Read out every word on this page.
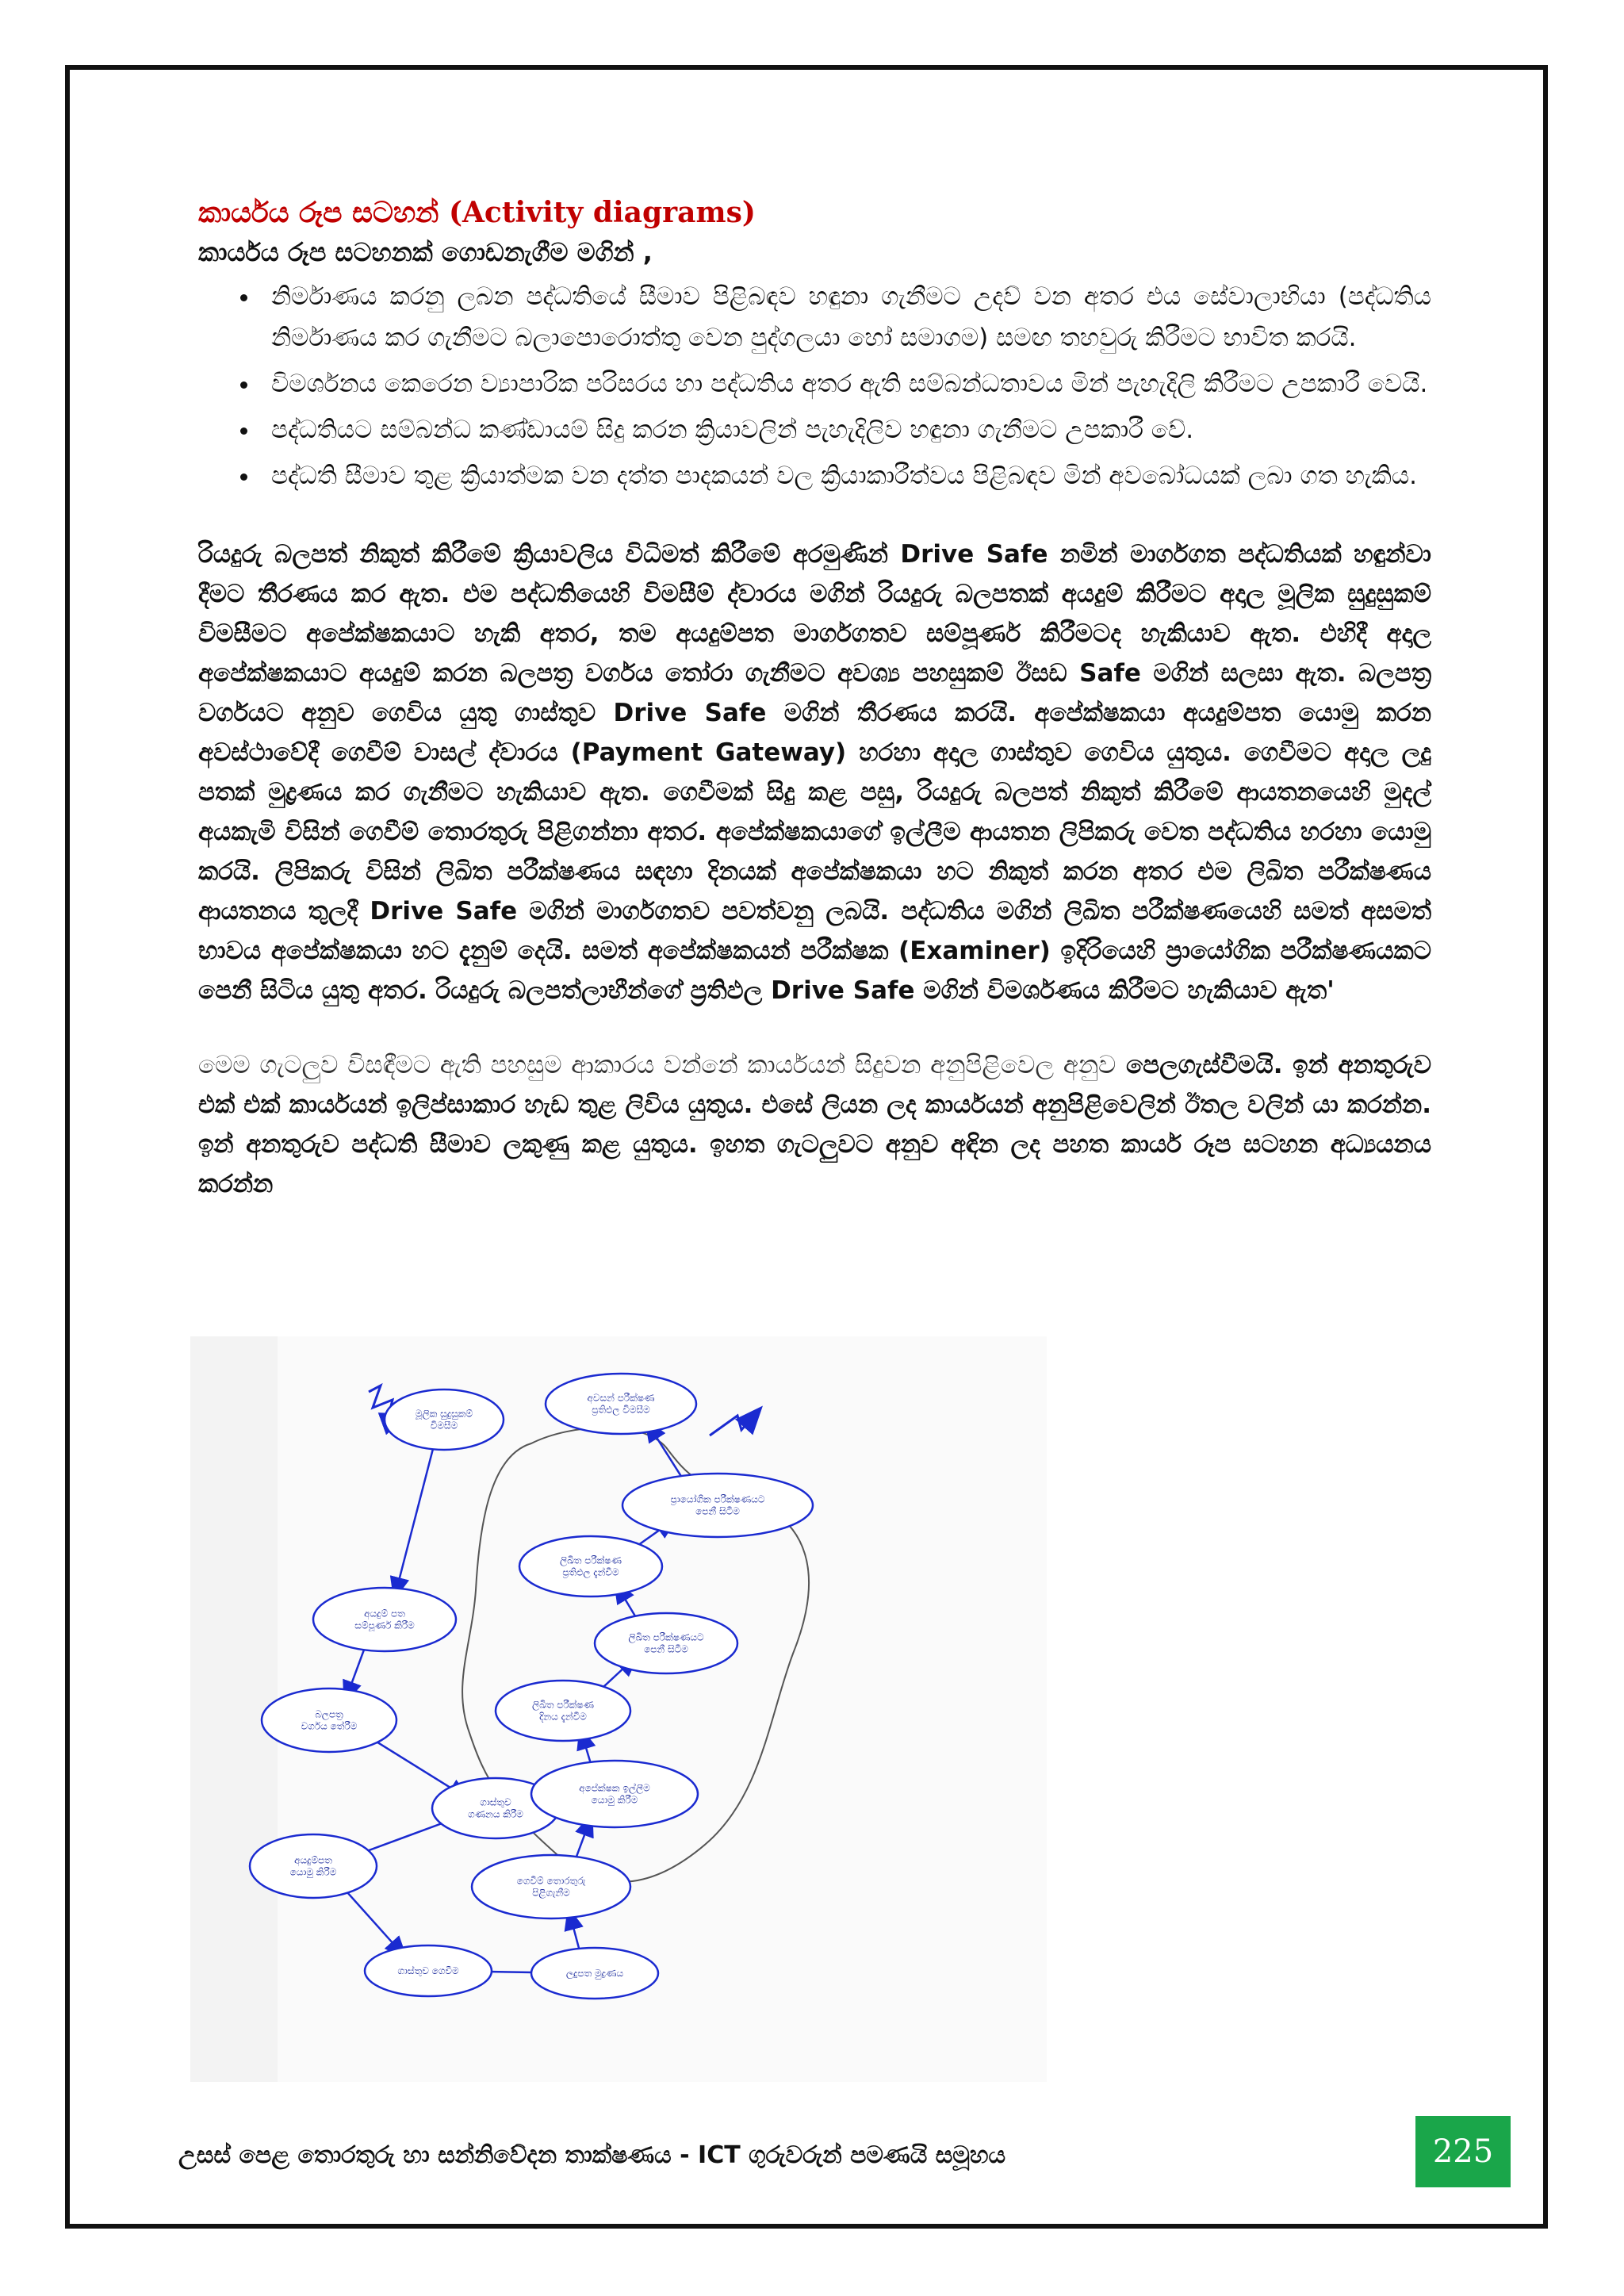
කාර්යය රූප සටහන් (Activity diagrams)

කාර්යය රූප සටහනක් ගොඩනැගීම මගින් ,

• නිර්මාණය කරනු ලබන පද්ධතියේ සීමාව පිළිබඳව හඳුනා ගැනීමට උදව් වන අතර එය සේවාලාභියා (පද්ධතිය නිර්මාණය කර ගැනීමට බලාපොරොත්තු වෙන පුද්ගලයා හෝ සමාගම) සමඟ තහවුරු කිරීමට භාවිත කරයි.
• විමර්ශනය කෙරෙන ව්‍යාපාරික පරිසරය හා පද්ධතිය අතර ඇති සම්බන්ධතාවය මින් පැහැදිලි කිරීමට උපකාරී වෙයි.
• පද්ධතියට සම්බන්ධ කණ්ඩායම් සිදු කරන ක්‍රියාවලින් පැහැදිලිව හඳුනා ගැනීමට උපකාරී වේ.
• පද්ධති සීමාව තුළ ක්‍රියාත්මක වන දත්ත පාදකයන් වල ක්‍රියාකාරීත්වය පිළිබඳව මින් අවබෝධයක් ලබා ගත හැකිය.

රියදුරු බලපත් නිකුත් කිරීමේ ක්‍රියාවලිය විධිමත් කිරීමේ අරමුණින් Drive Safe නමින් මාර්ගගත පද්ධතියක් හඳුන්වා දීමට තීරණය කර ඇත. එම පද්ධතියෙහි විමසීම් ද්වාරය මගින් රියදුරු බලපතක් අයදුම් කිරීමට අදාල මූලික සුදුසුකම් විමසීමට අපේක්ෂකයාට හැකි අතර, තම අයදුම්පත මාර්ගගතව සම්පූර්ණ කිරීමටද හැකියාව ඇත. එහිදී අදාල අපේක්ෂකයාට අයදුම් කරන බලපත්‍ර වර්ගය තෝරා ගැනීමට අවශ්‍ය පහසුකම් ඊසඩ Safe මගින් සලසා ඇත. බලපත්‍ර වර්ගයට අනුව ගෙවිය යුතු ගාස්තුව Drive Safe මගින් තීරණය කරයි. අපේක්ෂකයා අයදුම්පත යොමු කරන අවස්ථාවේදී ගෙවීම් වාසල් ද්වාරය (Payment Gateway) හරහා අදාල ගාස්තුව ගෙවිය යුතුය. ගෙවීමට අදාල ලදු පතක් මුද්‍රණය කර ගැනීමට හැකියාව ඇත. ගෙවීමක් සිදු කළ පසු, රියදුරු බලපත් නිකුත් කිරීමේ ආයතනයෙහි මුදල් අයකැමි විසින් ගෙවීම් තොරතුරු පිළිගන්නා අතර. අපේක්ෂකයාගේ ඉල්ලීම ආයතන ලිපිකරු වෙත පද්ධතිය හරහා යොමු කරයි. ලිපිකරු විසින් ලිඛිත පරීක්ෂණය සඳහා දිනයක් අපේක්ෂකයා හට නිකුත් කරන අතර එම ලිඛිත පරීක්ෂණය ආයතනය තුලදී Drive Safe මගින් මාර්ගගතව පවත්වනු ලබයි. පද්ධතිය මගින් ලිඛිත පරීක්ෂණයෙහි සමත් අසමත් භාවය අපේක්ෂකයා හට දැනුම් දෙයි. සමත් අපේක්ෂකයන් පරීක්ෂක (Examiner) ඉදිරියෙහි ප්‍රායෝගික පරීක්ෂණයකට පෙනී සිටිය යුතු අතර. රියදුරු බලපත්ලාභීන්ගේ ප්‍රතිඵල Drive Safe මගින් විමර්ශණය කිරීමට හැකියාව ඇත'

මෙම ගැටලුව විසඳීමට ඇති පහසුම ආකාරය වන්නේ කාර්යයන් සිදුවන අනුපිළිවෙල අනුව පෙලගැස්වීමයි. ඉන් අනතුරුව එක් එක් කාර්යයන් ඉලිප්සාකාර හැඩ තුළ ලිවිය යුතුය. එසේ ලියන ලද කාර්යයන් අනුපිළිවෙලින් ඊතල වලින් යා කරන්න. ඉන් අනතුරුව පද්ධති සීමාව ලකුණු කළ යුතුය. ඉහත ගැටලුවට අනුව අඳින ලද පහත කාර්ය රූප සටහන අධ්‍යයනය කරන්න

මූලික සුදුසුකම්
විමසීම
අයදුම් පත
සම්පූර්ණ කිරීම
බලපත්‍ර
වර්ගය තේරීම
ගාස්තුව
ගණනය කිරීම
අයදුම්පත
යොමු කිරීම
ගාස්තුව ගෙවීම	ලදුපත මුද්‍රණය
ගෙවීම් තොරතුරු
පිළිගැනීම
අපේක්ෂක ඉල්ලීම
යොමු කිරීම
ලිඛිත පරීක්ෂණ
දිනය දැන්වීම
ලිඛිත පරීක්ෂණයට
පෙනී සිටීම
ලිඛිත පරීක්ෂණ
ප්‍රතිඵල දැන්වීම
ප්‍රායෝගික පරීක්ෂණයට
පෙනී සිටීම
අවසන් පරීක්ෂණ
ප්‍රතිඵල විමසීම
උසස් පෙළ තොරතුරු හා සන්නිවේදන තාක්ෂණය - ICT ගුරුවරුන් පමණයි සමූහය	225
